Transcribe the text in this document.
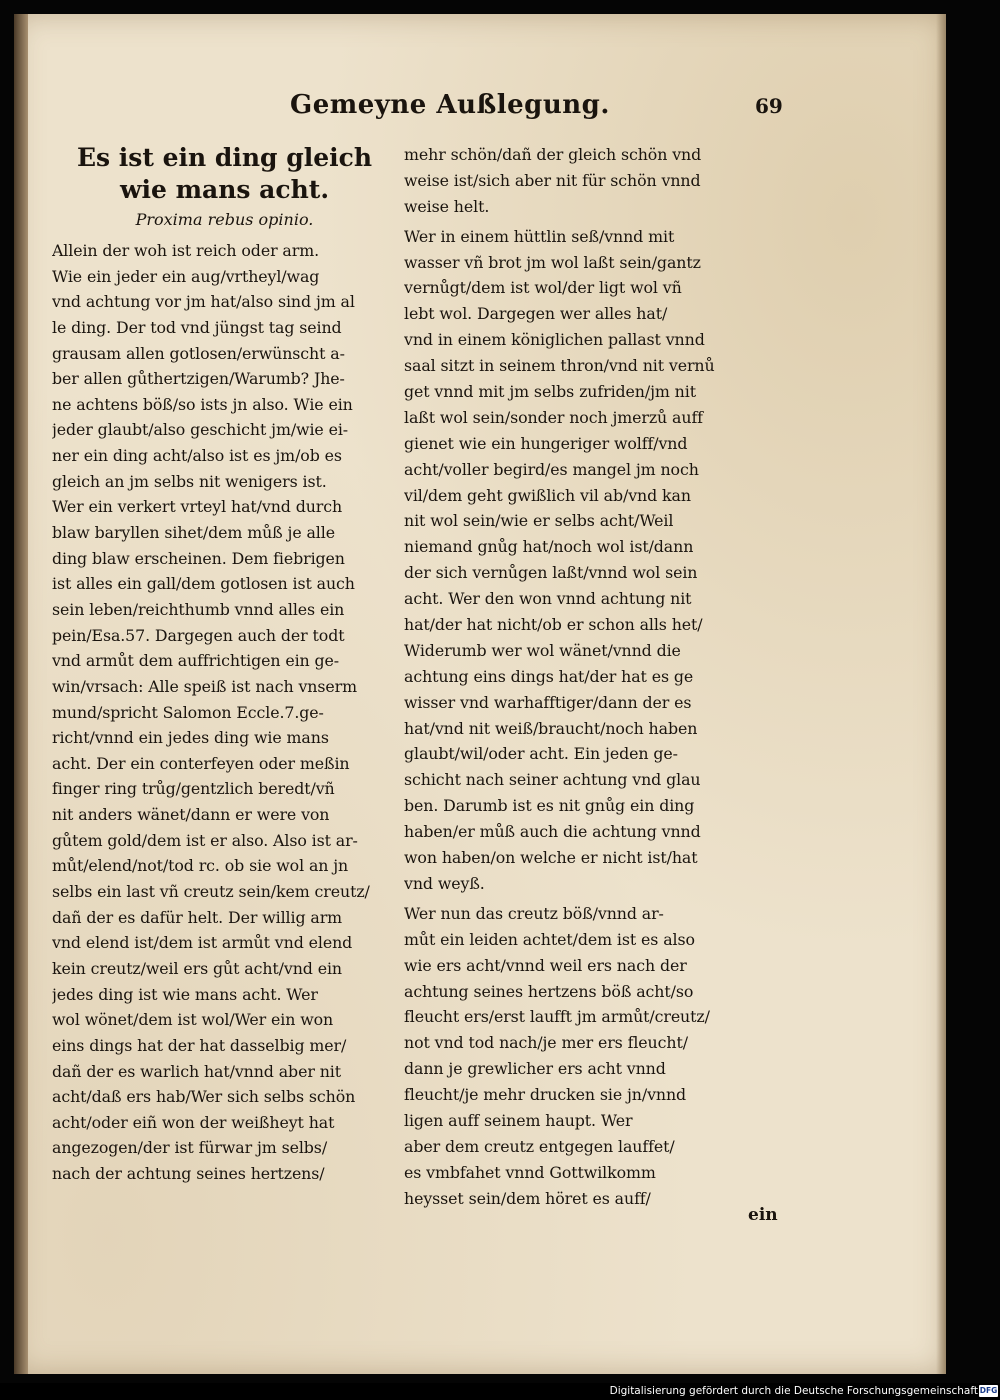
Gemeyne Außlegung.	69
Es ist ein ding gleich wie mans acht.
Proxima rebus opinio.
Allein der woh ist reich oder arm.
Wie ein jeder ein aug/vrtheyl/wag
vnd achtung vor jm hat/also sind jm al
le ding. Der tod vnd jüngst tag seind
grausam allen gotlosen/erwünscht a-
ber allen gůthertzigen/Warumb? Jhe-
ne achtens böß/so ists jn also. Wie ein
jeder glaubt/also geschicht jm/wie ei-
ner ein ding acht/also ist es jm/ob es
gleich an jm selbs nit wenigers ist.
Wer ein verkert vrteyl hat/vnd durch
blaw baryllen sihet/dem můß je alle
ding blaw erscheinen. Dem fiebrigen
ist alles ein gall/dem gotlosen ist auch
sein leben/reichthumb vnnd alles ein
pein/Esa.57. Dargegen auch der todt
vnd armůt dem auffrichtigen ein ge-
win/vrsach: Alle speiß ist nach vnserm
mund/spricht Salomon Eccle.7.ge-
richt/vnnd ein jedes ding wie mans
acht. Der ein conterfeyen oder meßin
finger ring trůg/gentzlich beredt/vñ
nit anders wänet/dann er were von
gůtem gold/dem ist er also. Also ist ar-
můt/elend/not/tod rc. ob sie wol an jn
selbs ein last vñ creutz sein/kem creutz/
dañ der es dafür helt. Der willig arm
vnd elend ist/dem ist armůt vnd elend
kein creutz/weil ers gůt acht/vnd ein
jedes ding ist wie mans acht. Wer
wol wönet/dem ist wol/Wer ein won
eins dings hat der hat dasselbig mer/
dañ der es warlich hat/vnnd aber nit
acht/daß ers hab/Wer sich selbs schön
acht/oder eiñ won der weißheyt hat
angezogen/der ist fürwar jm selbs/
nach der achtung seines hertzens/
mehr schön/dañ der gleich schön vnd
weise ist/sich aber nit für schön vnnd
weise helt.
Wer in einem hüttlin seß/vnnd mit
wasser vñ brot jm wol laßt sein/gantz
vernůgt/dem ist wol/der ligt wol vñ
lebt wol. Dargegen wer alles hat/
vnd in einem königlichen pallast vnnd
saal sitzt in seinem thron/vnd nit vernů
get vnnd mit jm selbs zufriden/jm nit
laßt wol sein/sonder noch jmerzů auff
gienet wie ein hungeriger wolff/vnd
acht/voller begird/es mangel jm noch
vil/dem geht gwißlich vil ab/vnd kan
nit wol sein/wie er selbs acht/Weil
niemand gnůg hat/noch wol ist/dann
der sich vernůgen laßt/vnnd wol sein
acht. Wer den won vnnd achtung nit
hat/der hat nicht/ob er schon alls het/
Widerumb wer wol wänet/vnnd die
achtung eins dings hat/der hat es ge
wisser vnd warhafftiger/dann der es
hat/vnd nit weiß/braucht/noch haben
glaubt/wil/oder acht. Ein jeden ge-
schicht nach seiner achtung vnd glau
ben. Darumb ist es nit gnůg ein ding
haben/er můß auch die achtung vnnd
won haben/on welche er nicht ist/hat
vnd weyß.
Wer nun das creutz böß/vnnd ar-
můt ein leiden achtet/dem ist es also
wie ers acht/vnnd weil ers nach der
achtung seines hertzens böß acht/so
fleucht ers/erst laufft jm armůt/creutz/
not vnd tod nach/je mer ers fleucht/
dann je grewlicher ers acht vnnd
fleucht/je mehr drucken sie jn/vnnd
ligen auff seinem haupt. Wer
aber dem creutz entgegen lauffet/
es vmbfahet vnnd Gottwilkomm
heysset sein/dem höret es auff/
ein
Digitalisierung gefördert durch die Deutsche Forschungsgemeinschaft DFG
